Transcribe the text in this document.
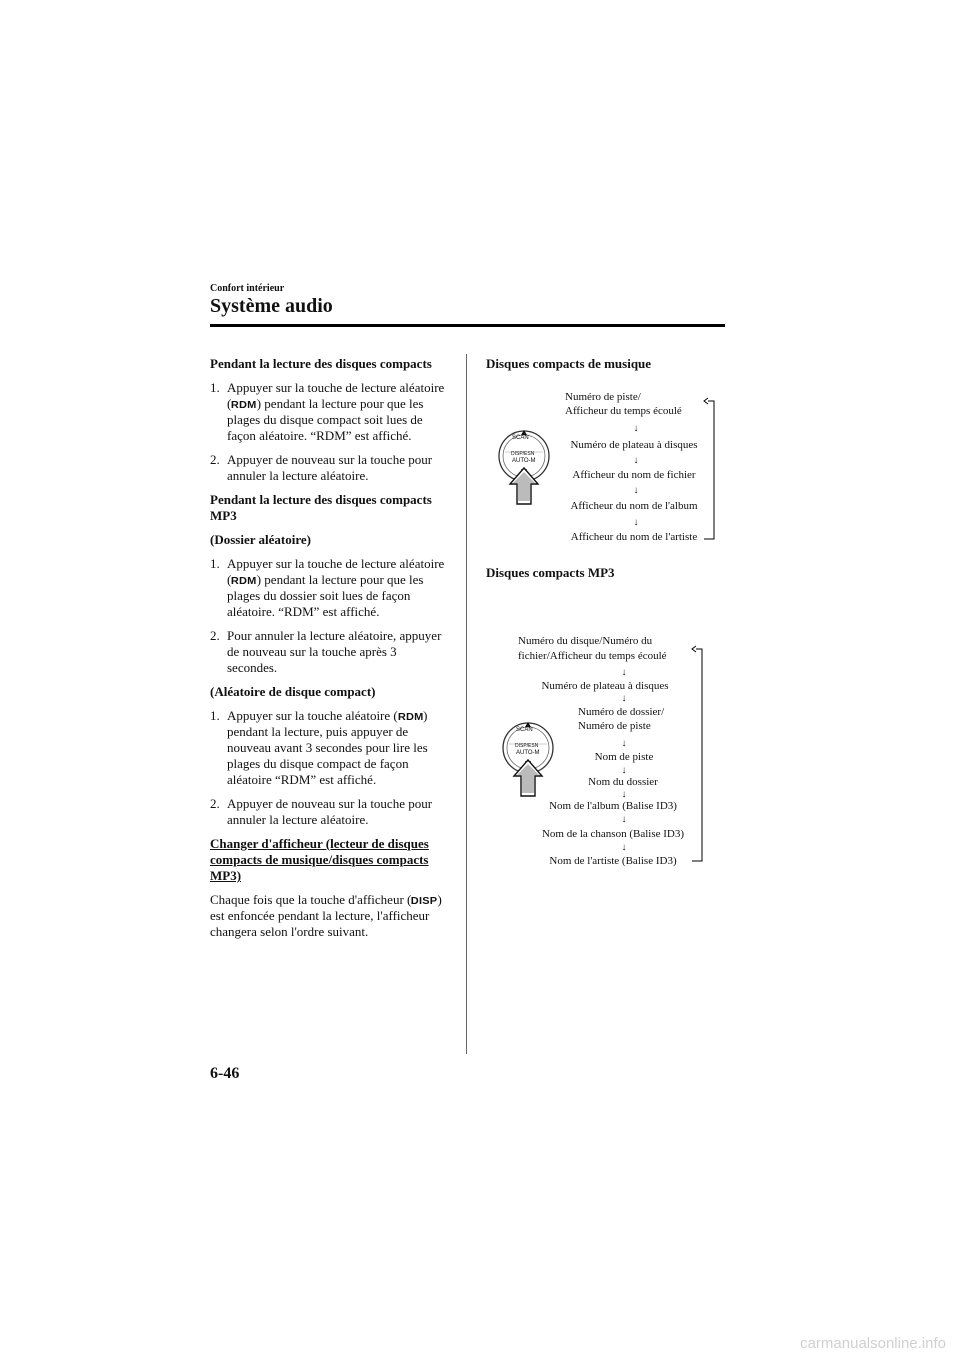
Confort intérieur
Système audio

Pendant la lecture des disques compacts

1. Appuyer sur la touche de lecture aléatoire (RDM) pendant la lecture pour que les plages du disque compact soit lues de façon aléatoire. “RDM” est affiché.
2. Appuyer de nouveau sur la touche pour annuler la lecture aléatoire.

Pendant la lecture des disques compacts MP3

(Dossier aléatoire)

1. Appuyer sur la touche de lecture aléatoire (RDM) pendant la lecture pour que les plages du dossier soit lues de façon aléatoire. “RDM” est affiché.
2. Pour annuler la lecture aléatoire, appuyer de nouveau sur la touche après 3 secondes.

(Aléatoire de disque compact)

1. Appuyer sur la touche aléatoire (RDM) pendant la lecture, puis appuyer de nouveau avant 3 secondes pour lire les plages du disque compact de façon aléatoire “RDM” est affiché.
2. Appuyer de nouveau sur la touche pour annuler la lecture aléatoire.

Changer d'afficheur (lecteur de disques compacts de musique/disques compacts MP3)

Chaque fois que la touche d'afficheur (DISP) est enfoncée pendant la lecture, l'afficheur changera selon l'ordre suivant.

Disques compacts de musique
Numéro de piste/
Afficheur du temps écoulé
↓
Numéro de plateau à disques
↓
Afficheur du nom de fichier
↓
Afficheur du nom de l'album
↓
Afficheur du nom de l'artiste
SCAN
DISP/ESN
AUTO-M
Disques compacts MP3
Numéro du disque/Numéro du
fichier/Afficheur du temps écoulé
↓
Numéro de plateau à disques
↓
Numéro de dossier/
Numéro de piste
↓
Nom de piste
↓
Nom du dossier
↓
Nom de l'album (Balise ID3)
↓
Nom de la chanson (Balise ID3)
↓
Nom de l'artiste (Balise ID3)
SCAN
DISP/ESN
AUTO-M
6-46
carmanualsonline.info
